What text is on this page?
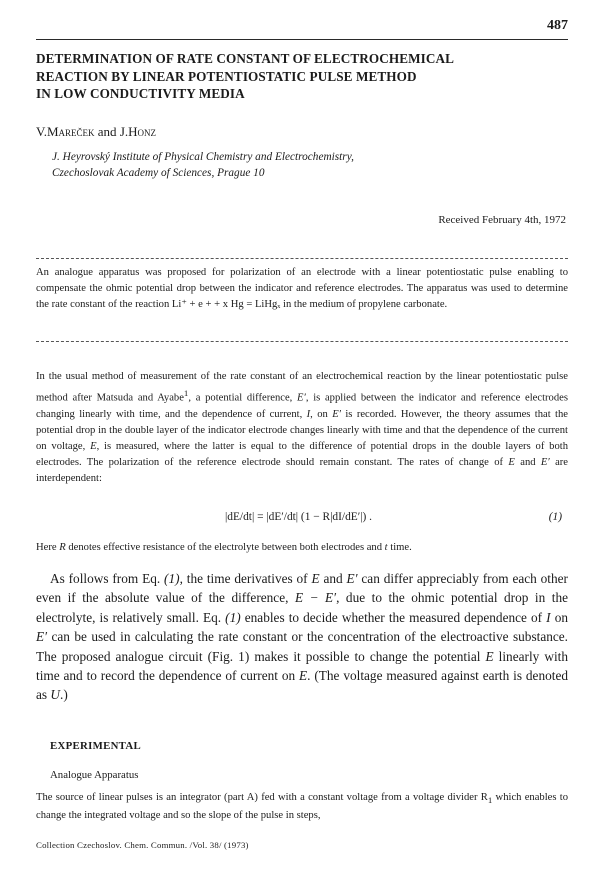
487
DETERMINATION OF RATE CONSTANT OF ELECTROCHEMICAL
REACTION BY LINEAR POTENTIOSTATIC PULSE METHOD
IN LOW CONDUCTIVITY MEDIA
V.Mareček and J.Honz
J. Heyrovský Institute of Physical Chemistry and Electrochemistry,
Czechoslovak Academy of Sciences, Prague 10
Received February 4th, 1972

An analogue apparatus was proposed for polarization of an electrode with a linear potentiostatic pulse enabling to compensate the ohmic potential drop between the indicator and reference electrodes. The apparatus was used to determine the rate constant of the reaction Li⁺ + e + + x Hg = LiHgₓ in the medium of propylene carbonate.

In the usual method of measurement of the rate constant of an electrochemical reaction by the linear potentiostatic pulse method after Matsuda and Ayabe$^1$, a potential difference, E′, is applied between the indicator and reference electrodes changing linearly with time, and the dependence of current, I, on E′ is recorded. However, the theory assumes that the potential drop in the double layer of the indicator electrode changes linearly with time and that the dependence of the current on voltage, E, is measured, where the latter is equal to the difference of potential drops in the double layers of both electrodes. The polarization of the reference electrode should remain constant. The rates of change of E and E′ are interdependent:

|dE/dt| = |dE′/dt| (1 − R|dI/dE′|) .	(1)

Here R denotes effective resistance of the electrolyte between both electrodes and t time.

As follows from Eq. (1), the time derivatives of E and E′ can differ appreciably from each other even if the absolute value of the difference, E − E′, due to the ohmic potential drop in the electrolyte, is relatively small. Eq. (1) enables to decide whether the measured dependence of I on E′ can be used in calculating the rate constant or the concentration of the electroactive substance. The proposed analogue circuit (Fig. 1) makes it possible to change the potential E linearly with time and to record the dependence of current on E. (The voltage measured against earth is denoted as U.)

EXPERIMENTAL
Analogue Apparatus

The source of linear pulses is an integrator (part A) fed with a constant voltage from a voltage divider $R_1$ which enables to change the integrated voltage and so the slope of the pulse in steps,

Collection Czechoslov. Chem. Commun. /Vol. 38/ (1973)
